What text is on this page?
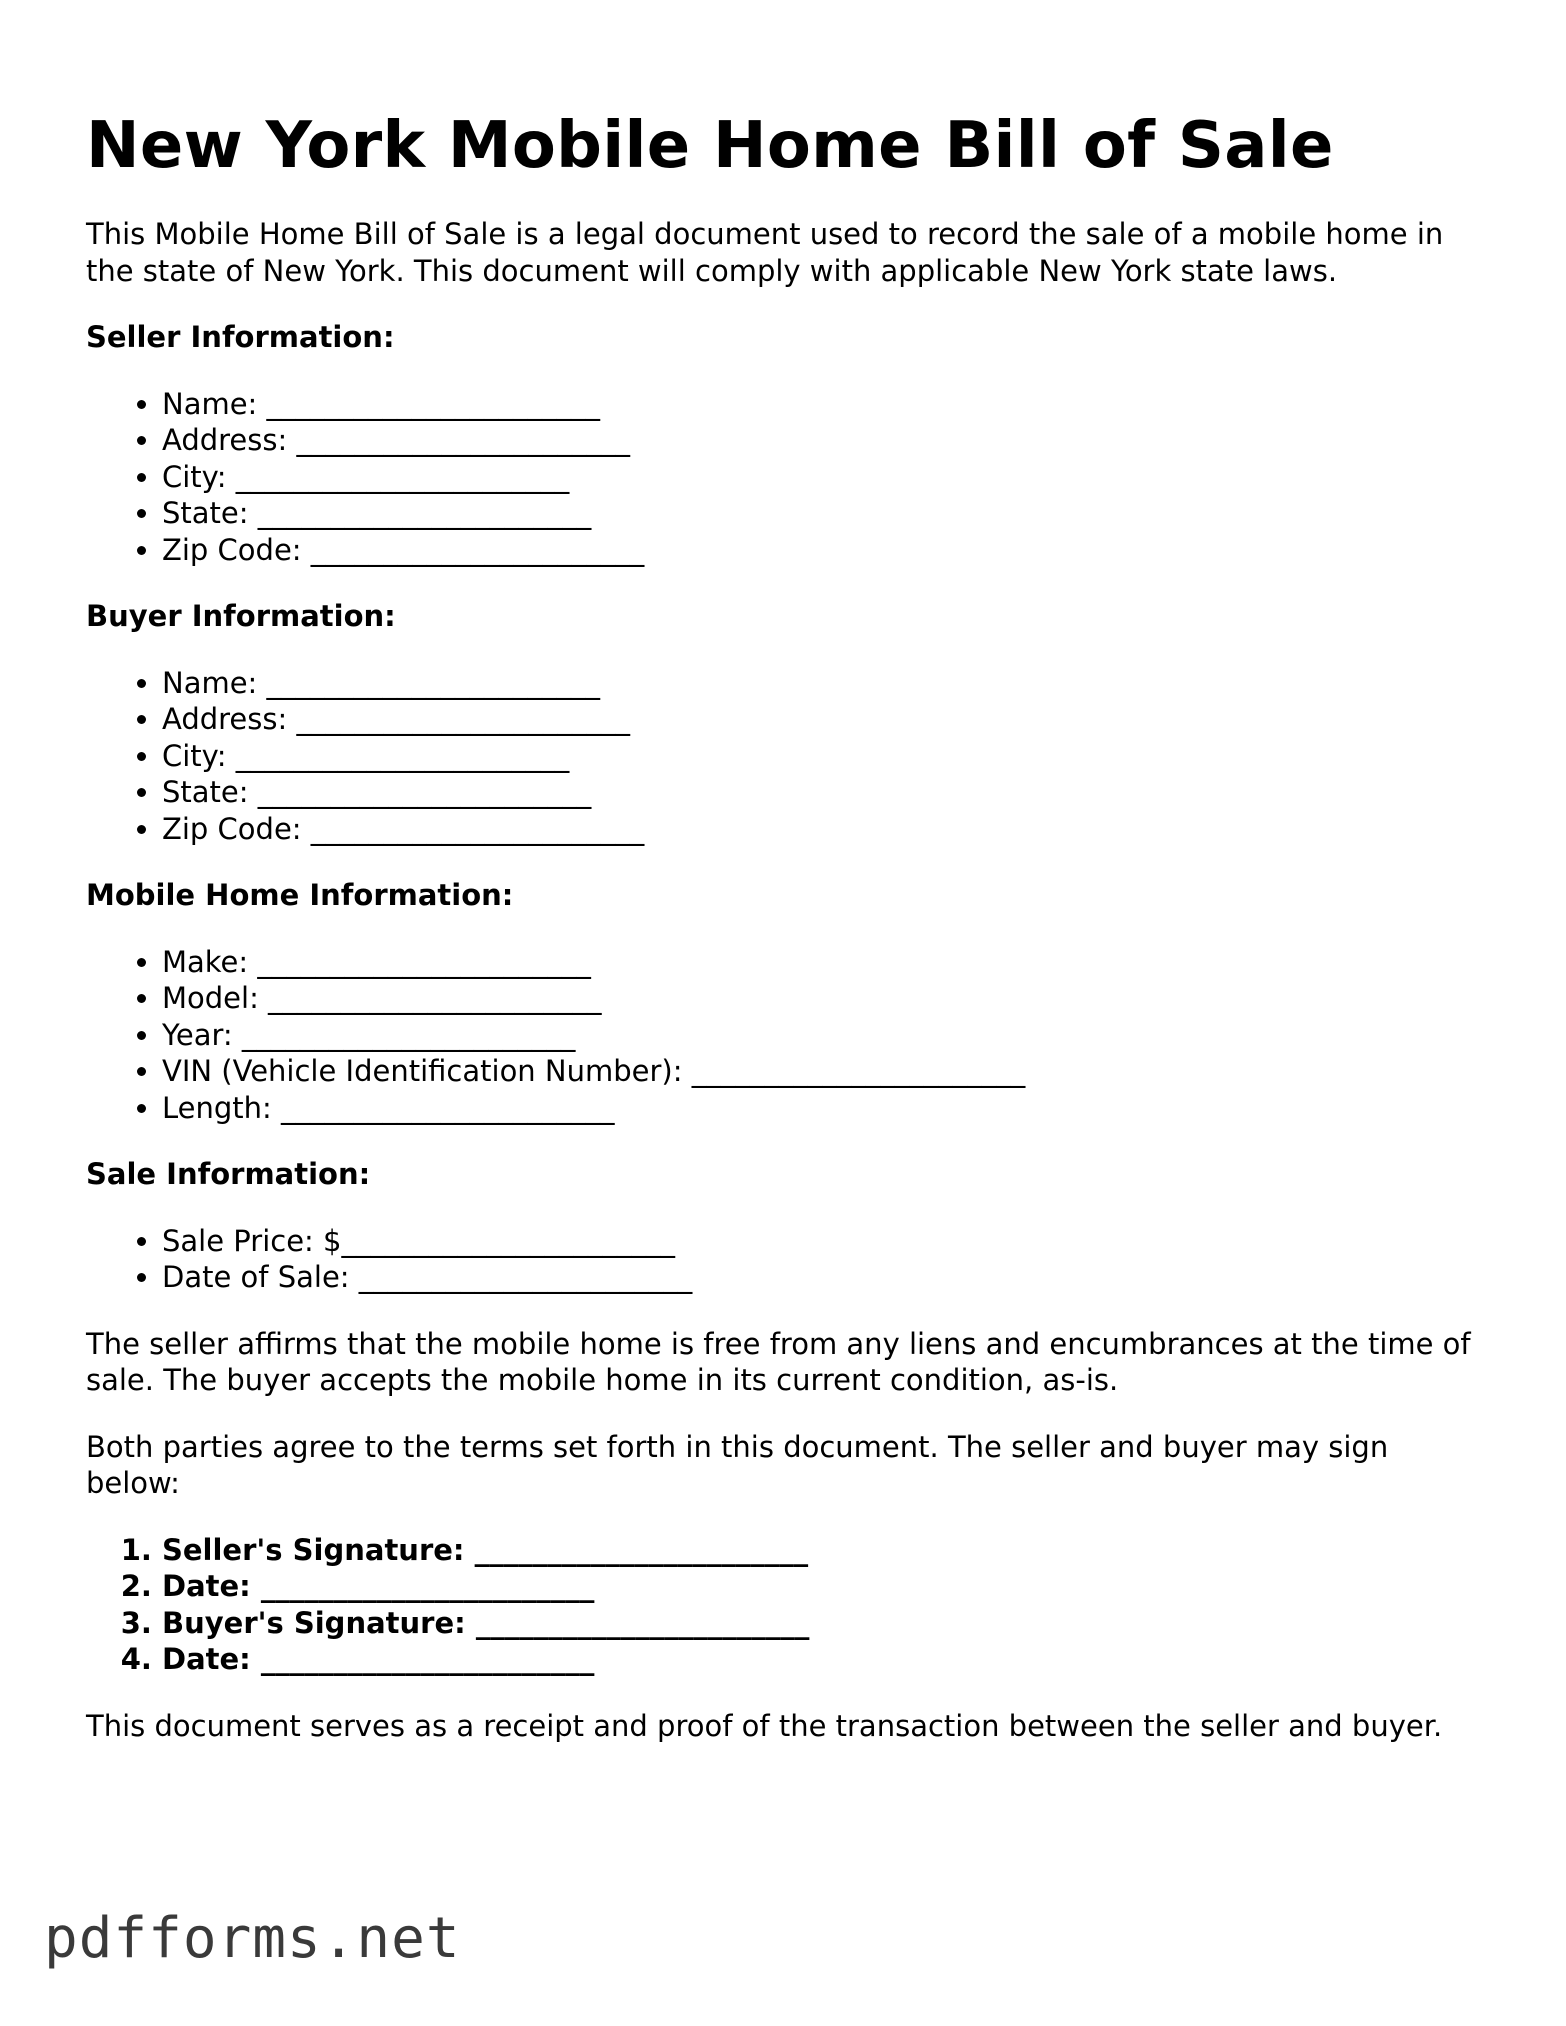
New York Mobile Home Bill of Sale

This Mobile Home Bill of Sale is a legal document used to record the sale of a mobile home in the state of New York. This document will comply with applicable New York state laws.

Seller Information:
• Name: _______________________
• Address: _______________________
• City: _______________________
• State: _______________________
• Zip Code: _______________________
Buyer Information:
• Name: _______________________
• Address: _______________________
• City: _______________________
• State: _______________________
• Zip Code: _______________________
Mobile Home Information:
• Make: _______________________
• Model: _______________________
• Year: _______________________
• VIN (Vehicle Identification Number): _______________________
• Length: _______________________
Sale Information:
• Sale Price: $_______________________
• Date of Sale: _______________________

The seller affirms that the mobile home is free from any liens and encumbrances at the time of sale. The buyer accepts the mobile home in its current condition, as-is.

Both parties agree to the terms set forth in this document. The seller and buyer may sign below:

1. Seller's Signature: _______________________
2. Date: _______________________
3. Buyer's Signature: _______________________
4. Date: _______________________

This document serves as a receipt and proof of the transaction between the seller and buyer.

pdfforms.net
